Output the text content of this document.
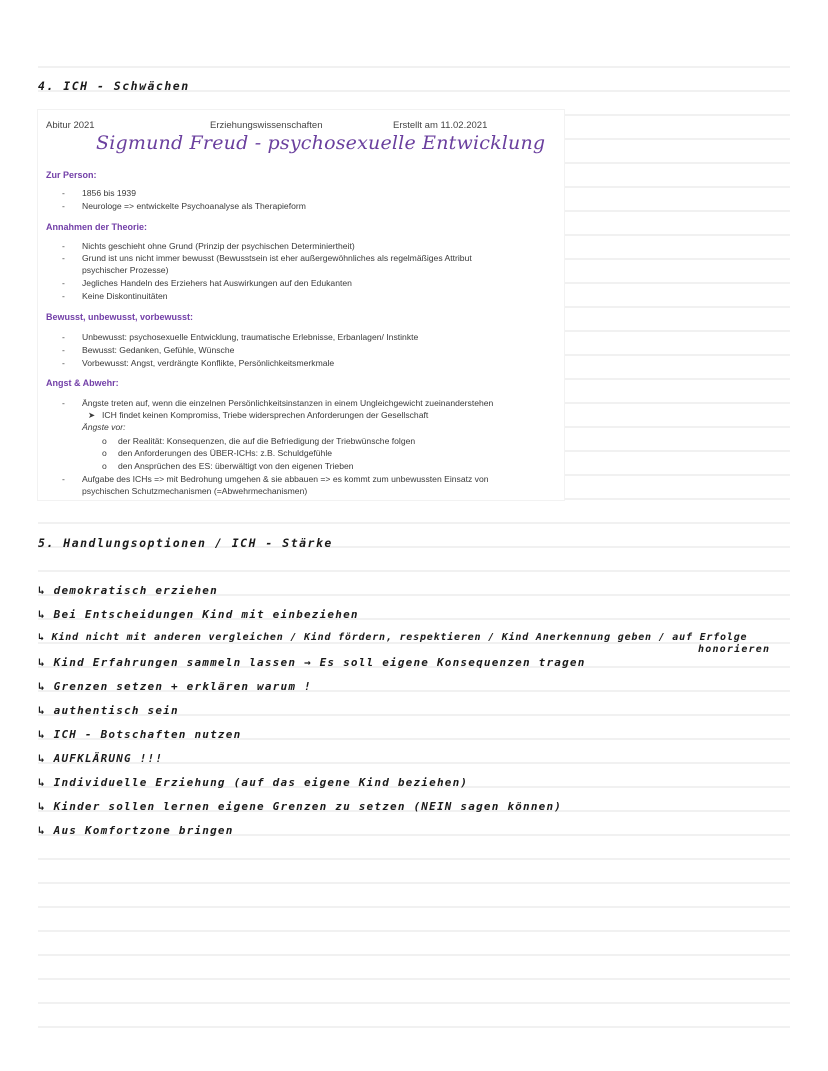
4. ICH - Schwächen
Abitur 2021	Erziehungswissenschaften	Erstellt am 11.02.2021
Sigmund Freud - psychosexuelle Entwicklung
Zur Person:
- 1856 bis 1939
- Neurologe => entwickelte Psychoanalyse als Therapieform
Annahmen der Theorie:
- Nichts geschieht ohne Grund (Prinzip der psychischen Determiniertheit)
- Grund ist uns nicht immer bewusst (Bewusstsein ist eher außergewöhnliches als regelmäßiges Attribut
psychischer Prozesse)
- Jegliches Handeln des Erziehers hat Auswirkungen auf den Edukanten
- Keine Diskontinuitäten
Bewusst, unbewusst, vorbewusst:
- Unbewusst: psychosexuelle Entwicklung, traumatische Erlebnisse, Erbanlagen/ Instinkte
- Bewusst: Gedanken, Gefühle, Wünsche
- Vorbewusst: Angst, verdrängte Konflikte, Persönlichkeitsmerkmale
Angst & Abwehr:
- Ängste treten auf, wenn die einzelnen Persönlichkeitsinstanzen in einem Ungleichgewicht zueinanderstehen
➤ ICH findet keinen Kompromiss, Triebe widersprechen Anforderungen der Gesellschaft
Ängste vor:
o der Realität: Konsequenzen, die auf die Befriedigung der Triebwünsche folgen
o den Anforderungen des ÜBER-ICHs: z.B. Schuldgefühle
o den Ansprüchen des ES: überwältigt von den eigenen Trieben
- Aufgabe des ICHs => mit Bedrohung umgehen & sie abbauen => es kommt zum unbewussten Einsatz von
psychischen Schutzmechanismen (=Abwehrmechanismen)
5. Handlungsoptionen / ICH - Stärke
↳ demokratisch erziehen
↳ Bei Entscheidungen Kind mit einbeziehen
↳ Kind nicht mit anderen vergleichen / Kind fördern, respektieren / Kind Anerkennung geben / auf Erfolge
honorieren
↳ Kind Erfahrungen sammeln lassen → Es soll eigene Konsequenzen tragen
↳ Grenzen setzen + erklären warum !
↳ authentisch sein
↳ ICH - Botschaften nutzen
↳ AUFKLÄRUNG !!!
↳ Individuelle Erziehung (auf das eigene Kind beziehen)
↳ Kinder sollen lernen eigene Grenzen zu setzen (NEIN sagen können)
↳ Aus Komfortzone bringen
